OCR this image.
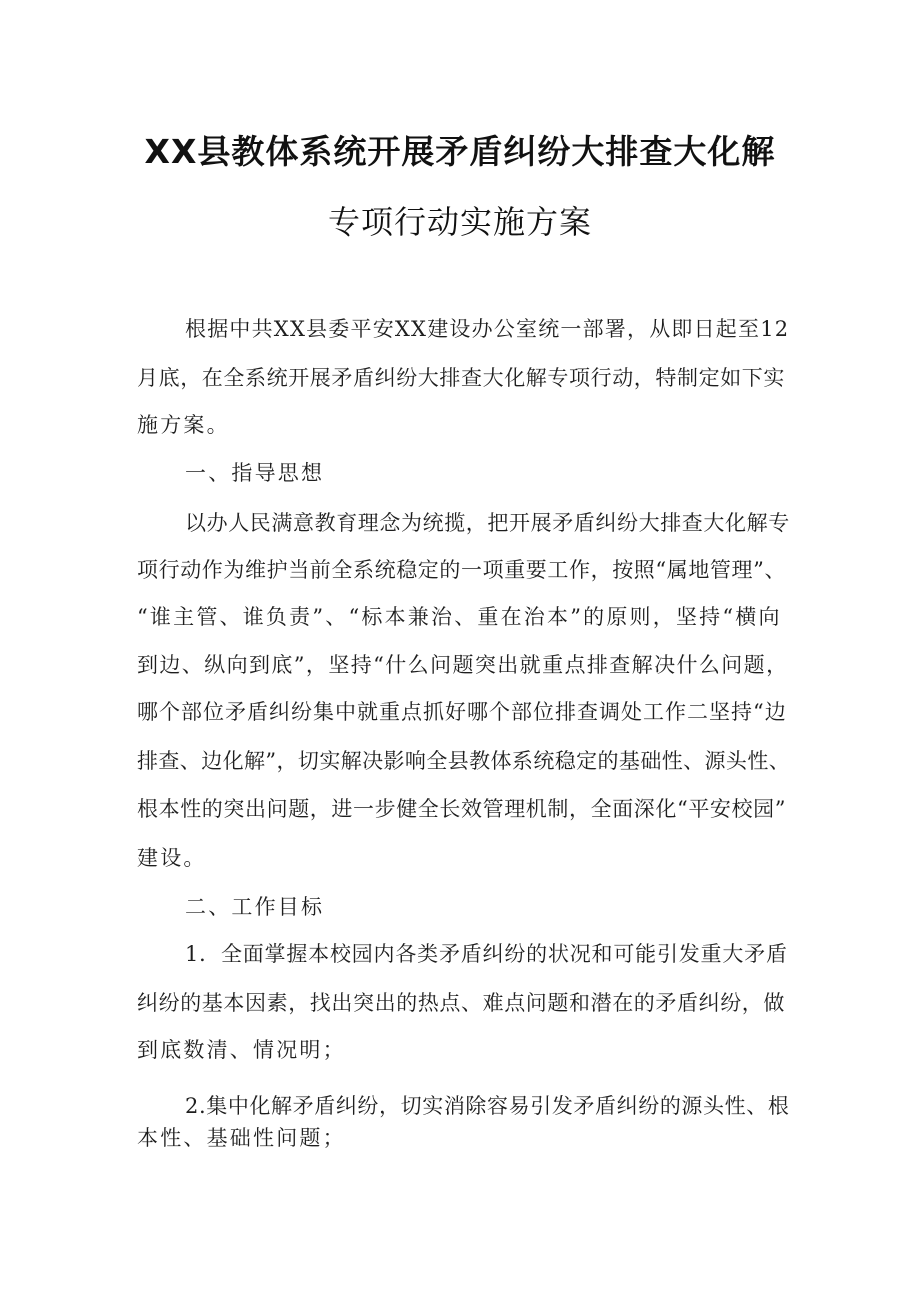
XX县教体系统开展矛盾纠纷大排查大化解
专项行动实施方案
根据中共XX县委平安XX建设办公室统一部署，从即日起至12
月底，在全系统开展矛盾纠纷大排查大化解专项行动，特制定如下实
施方案。
一、指导思想
以办人民满意教育理念为统揽，把开展矛盾纠纷大排查大化解专
项行动作为维护当前全系统稳定的一项重要工作，按照“属地管理”、
“谁主管、谁负责”、“标本兼治、重在治本”的原则，坚持“横向
到边、纵向到底”，坚持“什么问题突出就重点排查解决什么问题，
哪个部位矛盾纠纷集中就重点抓好哪个部位排查调处工作二坚持“边
排查、边化解”，切实解决影响全县教体系统稳定的基础性、源头性、
根本性的突出问题，进一步健全长效管理机制，全面深化“平安校园”
建设。
二、工作目标
1．全面掌握本校园内各类矛盾纠纷的状况和可能引发重大矛盾
纠纷的基本因素，找出突出的热点、难点问题和潜在的矛盾纠纷，做
到底数清、情况明；
2.集中化解矛盾纠纷，切实消除容易引发矛盾纠纷的源头性、根
本性、基础性问题；
